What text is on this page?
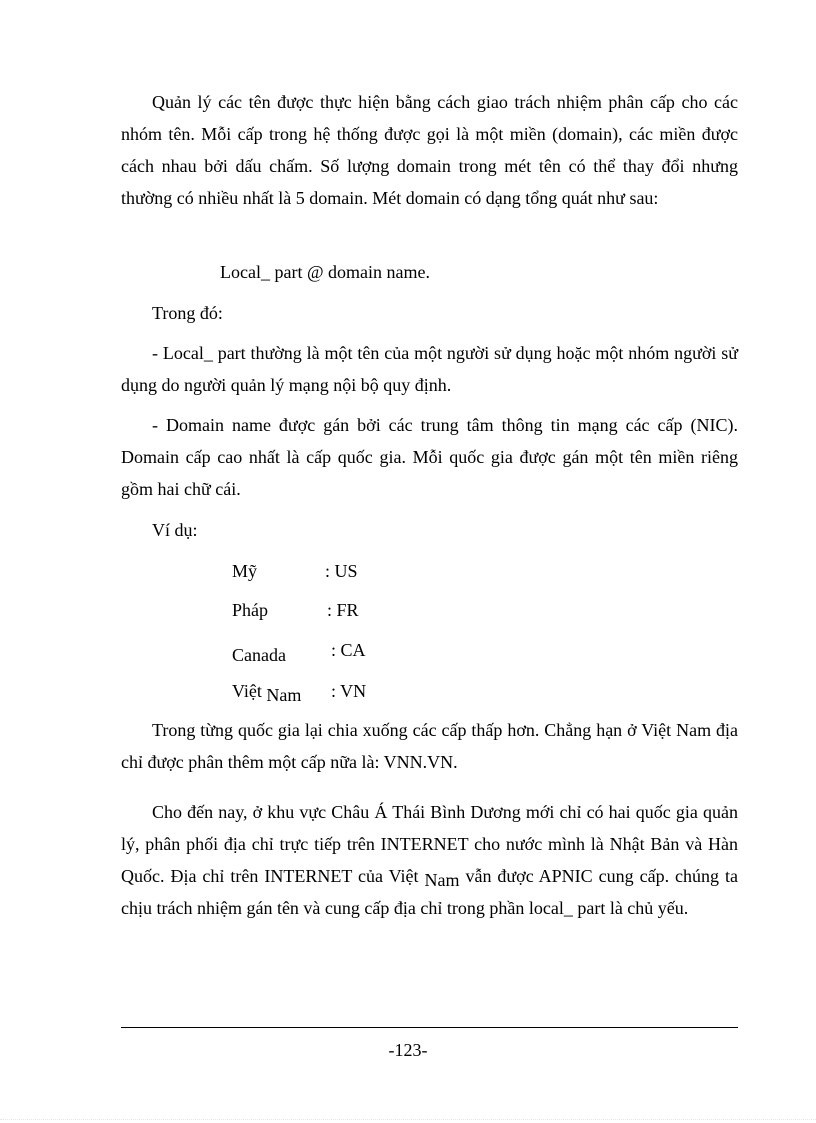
Quản lý các tên được thực hiện bằng cách giao trách nhiệm phân cấp cho các nhóm tên. Mỗi cấp trong hệ thống được gọi là một miền (domain), các miền được cách nhau bởi dấu chấm. Số lượng domain trong mét tên có thể thay đổi nhưng thường có nhiều nhất là 5 domain. Mét domain có dạng tổng quát như sau:

Local_ part @ domain name.
Trong đó:

- Local_ part thường là một tên của một người sử dụng hoặc một nhóm người sử dụng do người quản lý mạng nội bộ quy định.

- Domain name được gán bởi các trung tâm thông tin mạng các cấp (NIC). Domain cấp cao nhất là cấp quốc gia. Mỗi quốc gia được gán một tên miền riêng gồm hai chữ cái.

Ví dụ:
Mỹ	: US
Pháp	: FR
Canada	: CA
Việt Nam : VN

Trong từng quốc gia lại chia xuống các cấp thấp hơn. Chẳng hạn ở Việt Nam địa chỉ được phân thêm một cấp nữa là: VNN.VN.

Cho đến nay, ở khu vực Châu Á Thái Bình Dương mới chỉ có hai quốc gia quản lý, phân phối địa chỉ trực tiếp trên INTERNET cho nước mình là Nhật Bản và Hàn Quốc. Địa chỉ trên INTERNET của Việt Nam vẫn được APNIC cung cấp. chúng ta chịu trách nhiệm gán tên và cung cấp địa chỉ trong phần local_ part là chủ yếu.

-123-
